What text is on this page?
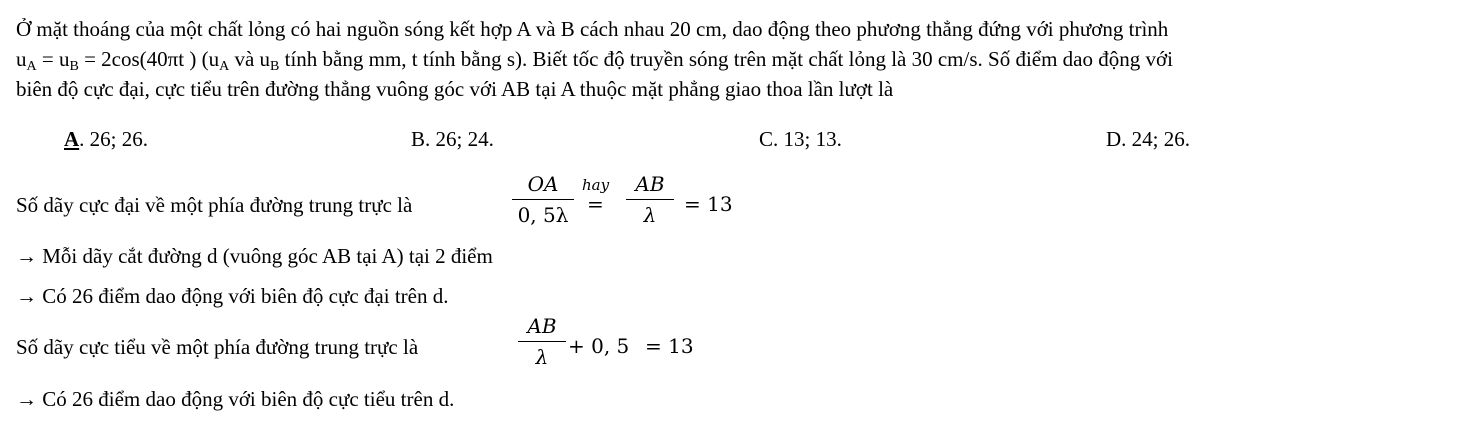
Ở mặt thoáng của một chất lỏng có hai nguồn sóng kết hợp A và B cách nhau 20 cm, dao động theo phương thẳng đứng với phương trình
$u_A = u_B = 2\cos(40\pi t$ ) ($u_A$ và $u_B$ tính bằng mm, t tính bằng s). Biết tốc độ truyền sóng trên mặt chất lỏng là 30 cm/s. Số điểm dao động với
biên độ cực đại, cực tiểu trên đường thẳng vuông góc với AB tại A thuộc mặt phẳng giao thoa lần lượt là
A. 26; 26.	B. 26; 24.	C. 13; 13.	D. 24; 26.
Số dãy cực đại về một phía đường trung trực là
OA
0, 5λ
hay
=
AB
λ	= 13
→ Mỗi dãy cắt đường d (vuông góc AB tại A) tại 2 điểm
→ Có 26 điểm dao động với biên độ cực đại trên d.
Số dãy cực tiểu về một phía đường trung trực là
AB
λ + 0, 5 = 13
→ Có 26 điểm dao động với biên độ cực tiểu trên d.
